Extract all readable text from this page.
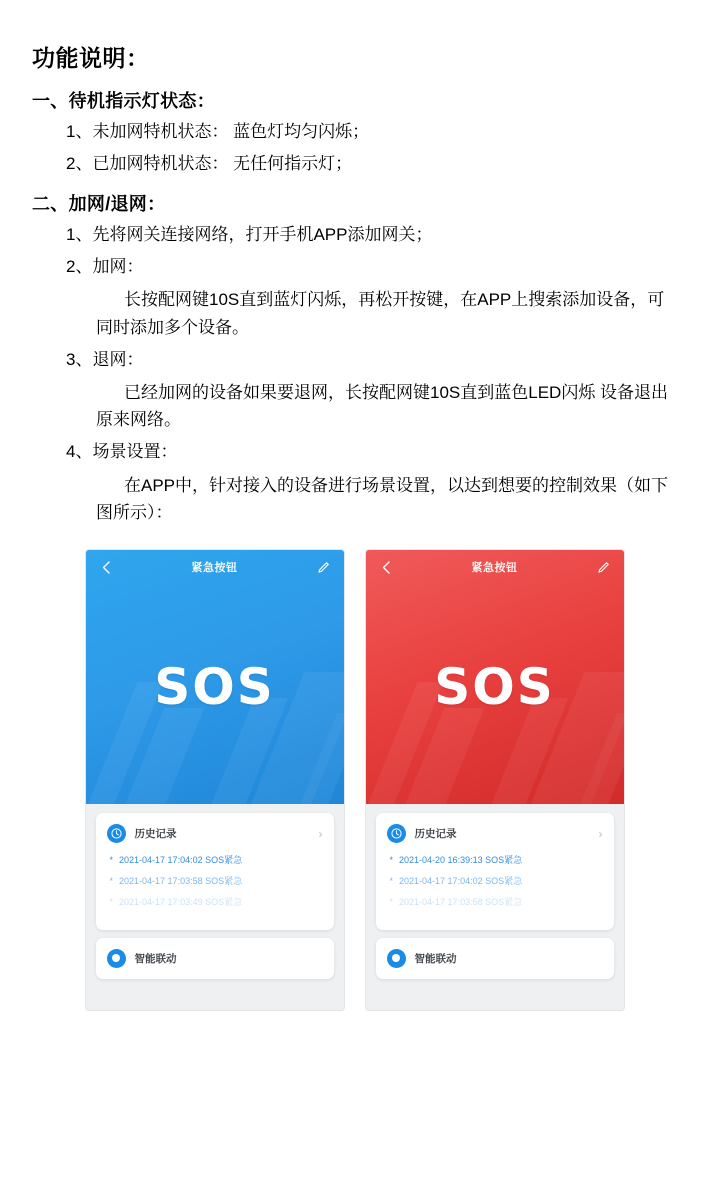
功能说明：
一、待机指示灯状态：

1、未加网特机状态： 蓝色灯均匀闪烁；

2、已加网特机状态： 无任何指示灯；

二、加网/退网：

1、先将网关连接网络，打开手机APP添加网关；

2、加网：

长按配网键10S直到蓝灯闪烁，再松开按键，在APP上搜索添加设备，可同时添加多个设备。

3、退网：

已经加网的设备如果要退网，长按配网键10S直到蓝色LED闪烁 设备退出原来网络。

4、场景设置：

在APP中，针对接入的设备进行场景设置，以达到想要的控制效果（如下图所示）：

紧急按钮
SOS
历史记录	›
* 2021-04-17 17:04:02 SOS紧急
* 2021-04-17 17:03:58 SOS紧急
* 2021-04-17 17:03:49 SOS紧急
智能联动
紧急按钮
SOS
历史记录	›
* 2021-04-20 16:39:13 SOS紧急
* 2021-04-17 17:04:02 SOS紧急
* 2021-04-17 17:03:58 SOS紧急
智能联动
